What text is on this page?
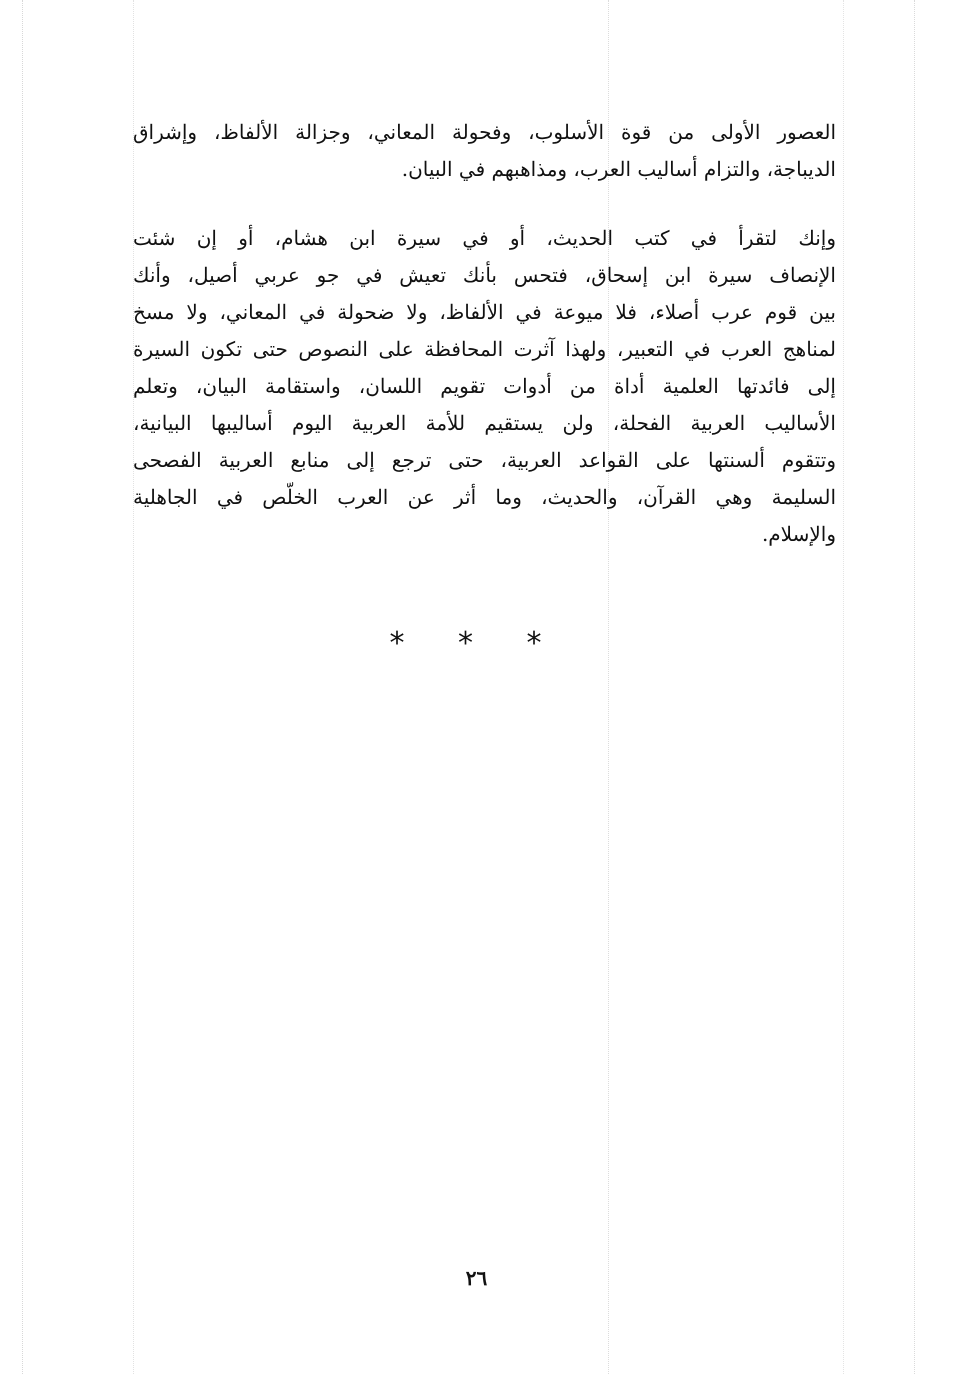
العصور الأولى من قوة الأسلوب، وفحولة المعاني، وجزالة الألفاظ، وإشراق
الديباجة، والتزام أساليب العرب، ومذاهبهم في البيان.
وإنك لتقرأ في كتب الحديث، أو في سيرة ابن هشام، أو إن شئت
الإنصاف سيرة ابن إسحاق، فتحس بأنك تعيش في جو عربي أصيل، وأنك
بين قوم عرب أصلاء، فلا ميوعة في الألفاظ، ولا ضحولة في المعاني، ولا مسخ
لمناهج العرب في التعبير، ولهذا آثرت المحافظة على النصوص حتى تكون السيرة
إلى فائدتها العلمية أداة من أدوات تقويم اللسان، واستقامة البيان، وتعلم
الأساليب العربية الفحلة، ولن يستقيم للأمة العربية اليوم أساليبها البيانية،
وتتقوم ألسنتها على القواعد العربية، حتى ترجع إلى منابع العربية الفصحى
السليمة وهي القرآن، والحديث، وما أثر عن العرب الخلّص في الجاهلية
والإسلام.
* * *
٢٦
